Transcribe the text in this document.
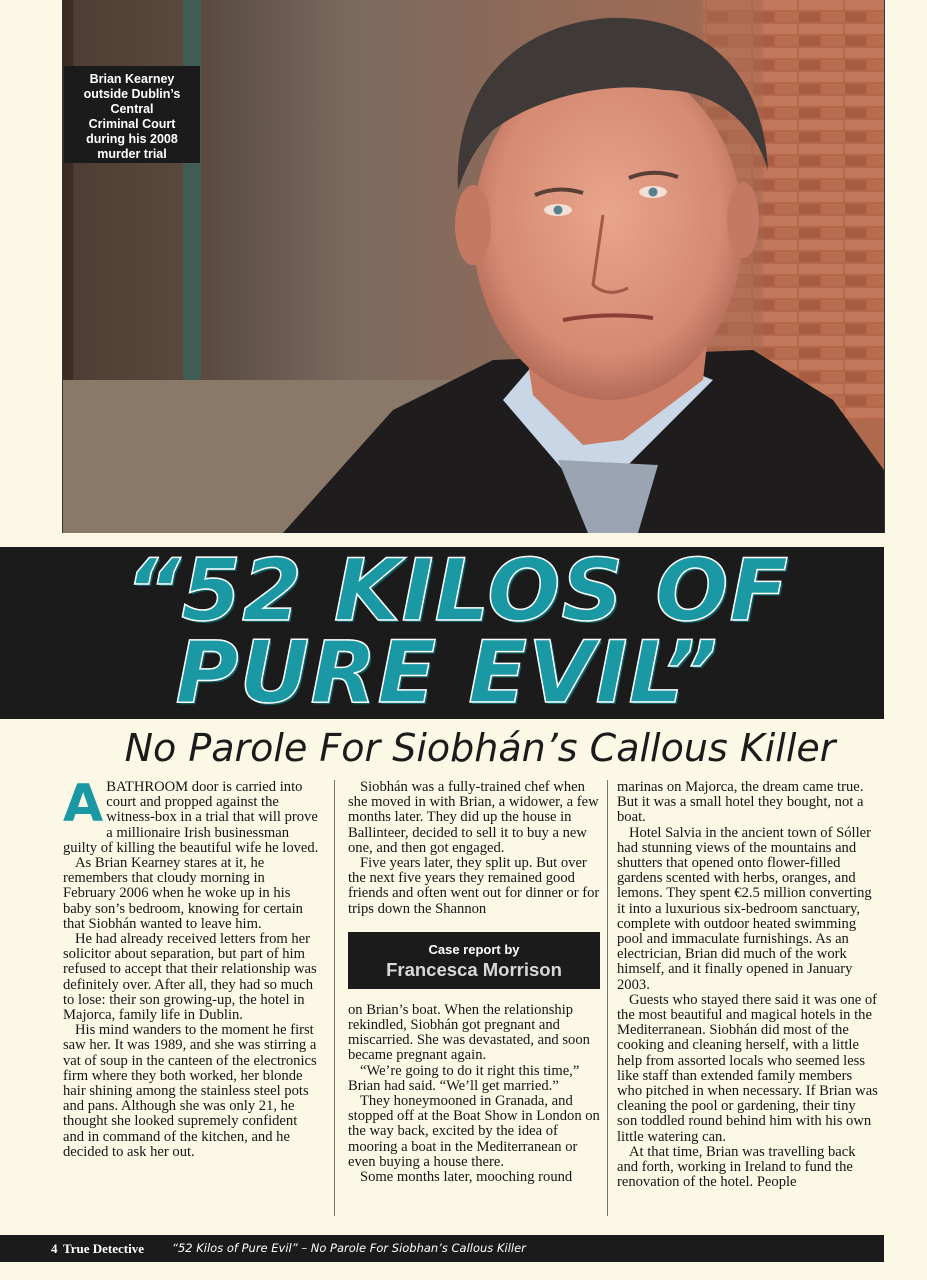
Brian Kearney
outside Dublin’s
Central
Criminal Court
during his 2008
murder trial
“52 KILOS OF
PURE EVIL”
No Parole For Siobhán’s Callous Killer

ABATHROOM door is carried into court and propped against the witness-box in a trial that will prove a millionaire Irish businessman guilty of killing the beautiful wife he loved.

As Brian Kearney stares at it, he remembers that cloudy morning in February 2006 when he woke up in his baby son’s bedroom, knowing for certain that Siobhán wanted to leave him.

He had already received letters from her solicitor about separation, but part of him refused to accept that their relationship was definitely over. After all, they had so much to lose: their son growing-up, the hotel in Majorca, family life in Dublin.

His mind wanders to the moment he first saw her. It was 1989, and she was stirring a vat of soup in the canteen of the electronics firm where they both worked, her blonde hair shining among the stainless steel pots and pans. Although she was only 21, he thought she looked supremely confident and in command of the kitchen, and he decided to ask her out.

Siobhán was a fully-trained chef when she moved in with Brian, a widower, a few months later. They did up the house in Ballinteer, decided to sell it to buy a new one, and then got engaged.

Five years later, they split up. But over the next five years they remained good friends and often went out for dinner or for trips down the Shannon

Case report by
Francesca Morrison

on Brian’s boat. When the relationship rekindled, Siobhán got pregnant and miscarried. She was devastated, and soon became pregnant again.

“We’re going to do it right this time,” Brian had said. “We’ll get married.”

They honeymooned in Granada, and stopped off at the Boat Show in London on the way back, excited by the idea of mooring a boat in the Mediterranean or even buying a house there.

Some months later, mooching round

marinas on Majorca, the dream came true. But it was a small hotel they bought, not a boat.

Hotel Salvia in the ancient town of Sóller had stunning views of the mountains and shutters that opened onto flower-filled gardens scented with herbs, oranges, and lemons. They spent €2.5 million converting it into a luxurious six-bedroom sanctuary, complete with outdoor heated swimming pool and immaculate furnishings. As an electrician, Brian did much of the work himself, and it finally opened in January 2003.

Guests who stayed there said it was one of the most beautiful and magical hotels in the Mediterranean. Siobhán did most of the cooking and cleaning herself, with a little help from assorted locals who seemed less like staff than extended family members who pitched in when necessary. If Brian was cleaning the pool or gardening, their tiny son toddled round behind him with his own little watering can.

At that time, Brian was travelling back and forth, working in Ireland to fund the renovation of the hotel. People

4 True Detective “52 Kilos of Pure Evil” – No Parole For Siobhan’s Callous Killer
